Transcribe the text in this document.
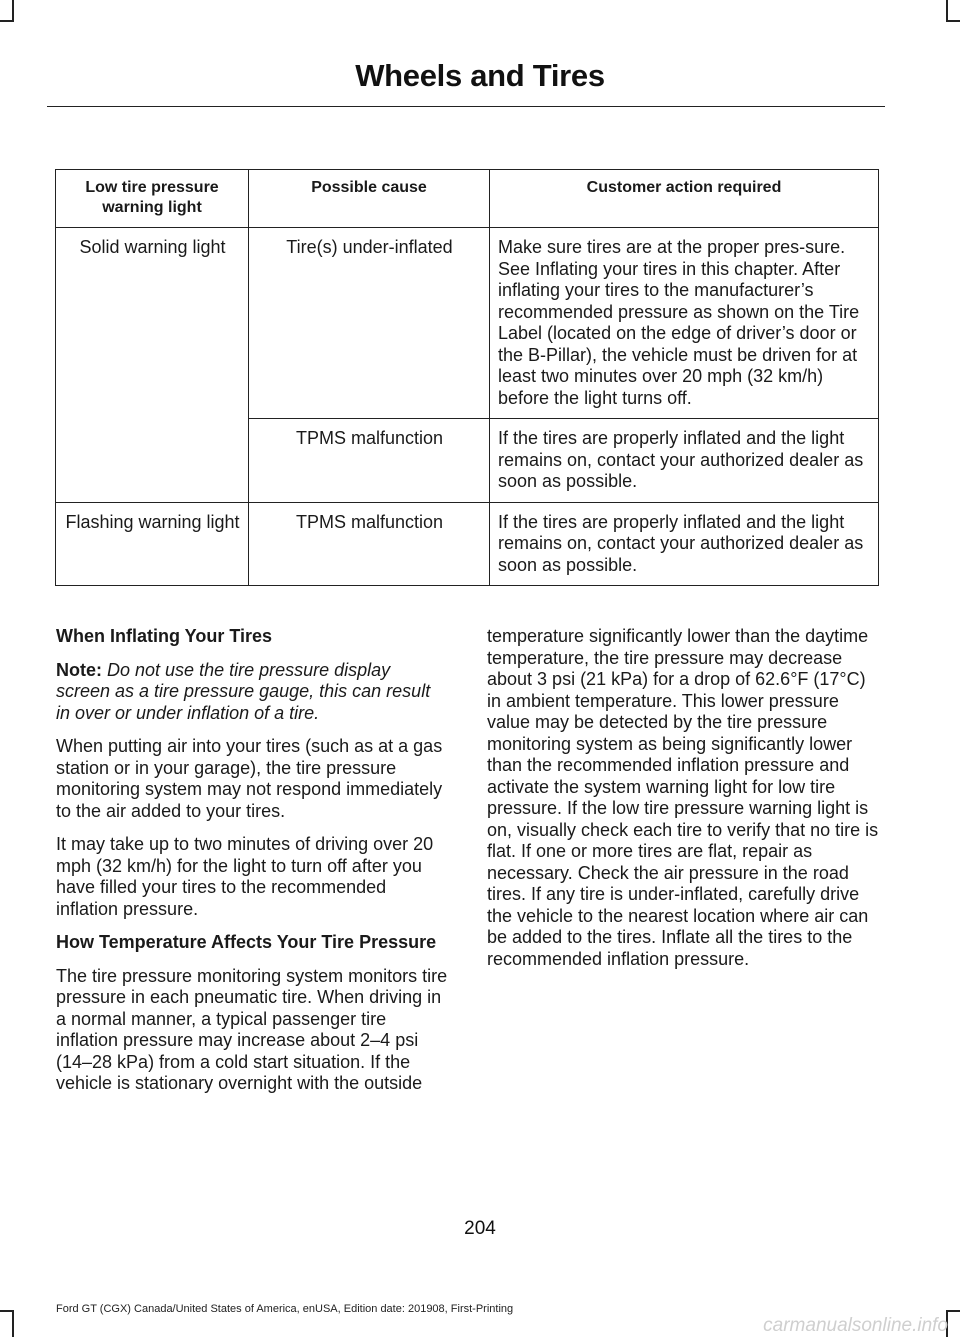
Wheels and Tires
Low tire pressure warning light	Possible cause	Customer action required
Solid warning light	Tire(s) under-inflated	Make sure tires are at the proper pres-sure. See Inflating your tires in this chapter. After inflating your tires to the manufacturer’s recommended pressure as shown on the Tire Label (located on the edge of driver’s door or the B-Pillar), the vehicle must be driven for at least two minutes over 20 mph (32 km/h) before the light turns off.
	TPMS malfunction	If the tires are properly inflated and the light remains on, contact your authorized dealer as soon as possible.
Flashing warning light	TPMS malfunction	If the tires are properly inflated and the light remains on, contact your authorized dealer as soon as possible.
When Inflating Your Tires

Note: Do not use the tire pressure display screen as a tire pressure gauge, this can result in over or under inflation of a tire.

When putting air into your tires (such as at a gas station or in your garage), the tire pressure monitoring system may not respond immediately to the air added to your tires.

It may take up to two minutes of driving over 20 mph (32 km/h) for the light to turn off after you have filled your tires to the recommended inflation pressure.

How Temperature Affects Your Tire Pressure

The tire pressure monitoring system monitors tire pressure in each pneumatic tire. When driving in a normal manner, a typical passenger tire inflation pressure may increase about 2–4 psi (14–28 kPa) from a cold start situation. If the vehicle is stationary overnight with the outside

temperature significantly lower than the daytime temperature, the tire pressure may decrease about 3 psi (21 kPa) for a drop of 62.6°F (17°C) in ambient temperature. This lower pressure value may be detected by the tire pressure monitoring system as being significantly lower than the recommended inflation pressure and activate the system warning light for low tire pressure. If the low tire pressure warning light is on, visually check each tire to verify that no tire is flat. If one or more tires are flat, repair as necessary. Check the air pressure in the road tires. If any tire is under-inflated, carefully drive the vehicle to the nearest location where air can be added to the tires. Inflate all the tires to the recommended inflation pressure.

204
Ford GT (CGX) Canada/United States of America, enUSA, Edition date: 201908, First-Printing
carmanualsonline.info
